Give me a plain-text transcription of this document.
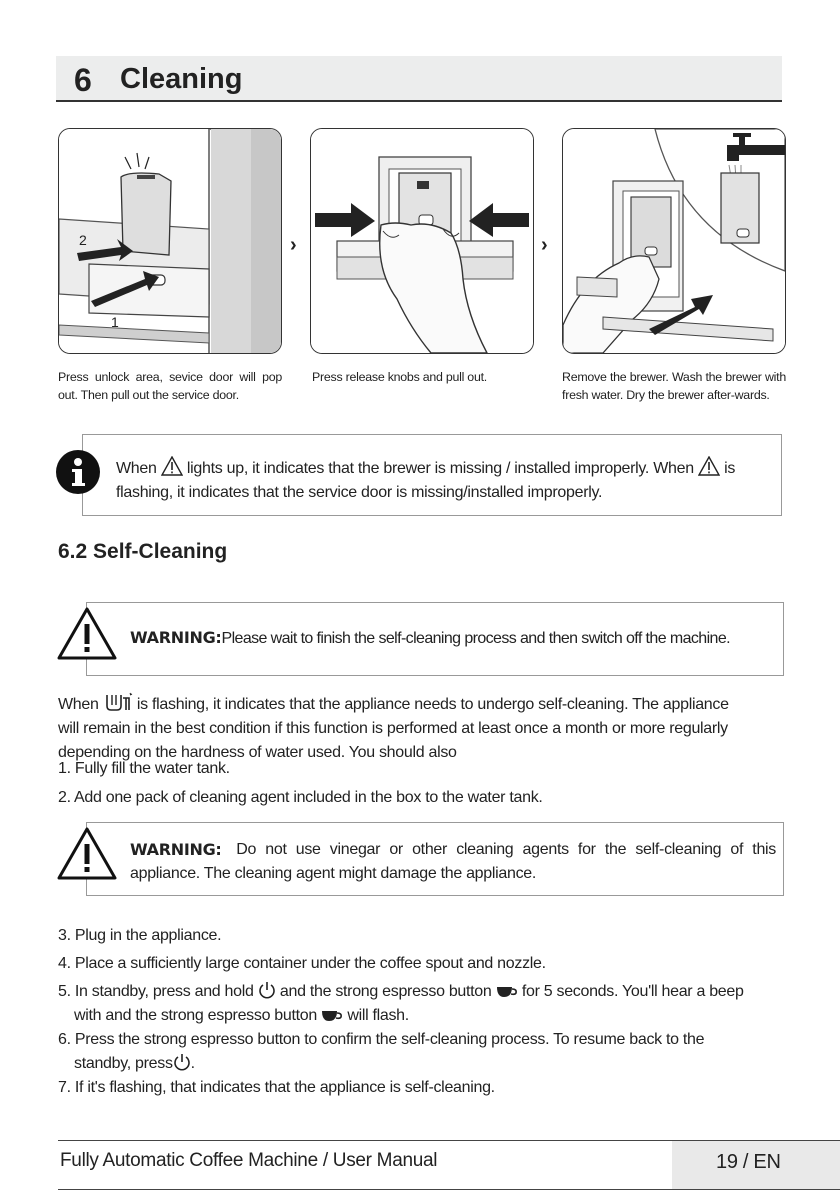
6 Cleaning
2
1
›	›
Press unlock area, sevice door will pop out. Then pull out the service door.
Press release knobs and pull out.	Remove the brewer. Wash the brewer with fresh water. Dry the brewer after-wards.
When lights up, it indicates that the brewer is missing / installed improperly. When is
flashing, it indicates that the service door is missing/installed improperly.
6.2 Self-Cleaning
WARNING:Please wait to finish the self-cleaning process and then switch off the machine.
When is flashing, it indicates that the appliance needs to undergo self-cleaning. The appliance
will remain in the best condition if this function is performed at least once a month or more regularly
depending on the hardness of water used. You should also
1. Fully fill the water tank.
2. Add one pack of cleaning agent included in the box to the water tank.
WARNING: Do not use vinegar or other cleaning agents for the self-cleaning of this
appliance. The cleaning agent might damage the appliance.
3. Plug in the appliance.
4. Place a sufficiently large container under the coffee spout and nozzle.
5. In standby, press and hold and the strong espresso button for 5 seconds. You'll hear a beep
with and the strong espresso button will flash.
6. Press the strong espresso button to confirm the self-cleaning process. To resume back to the
standby, press .
7. If it's flashing, that indicates that the appliance is self-cleaning.
Fully Automatic Coffee Machine / User Manual	19 / EN
